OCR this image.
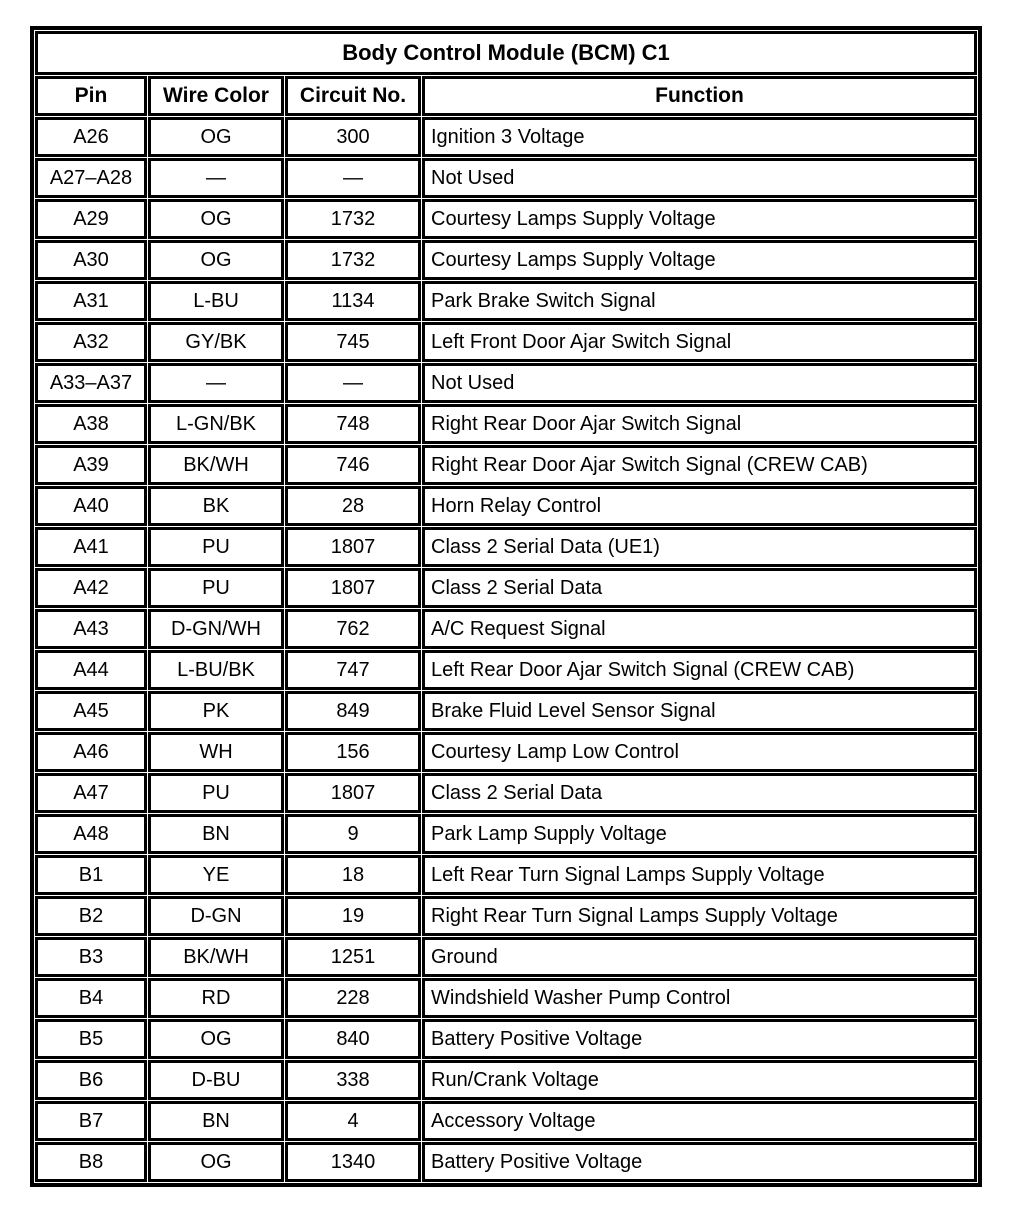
Body Control Module (BCM) C1			
Pin	Wire Color	Circuit No.	Function
A26	OG	300	Ignition 3 Voltage
A27–A28	—	—	Not Used
A29	OG	1732	Courtesy Lamps Supply Voltage
A30	OG	1732	Courtesy Lamps Supply Voltage
A31	L-BU	1134	Park Brake Switch Signal
A32	GY/BK	745	Left Front Door Ajar Switch Signal
A33–A37	—	—	Not Used
A38	L-GN/BK	748	Right Rear Door Ajar Switch Signal
A39	BK/WH	746	Right Rear Door Ajar Switch Signal (CREW CAB)
A40	BK	28	Horn Relay Control
A41	PU	1807	Class 2 Serial Data (UE1)
A42	PU	1807	Class 2 Serial Data
A43	D-GN/WH	762	A/C Request Signal
A44	L-BU/BK	747	Left Rear Door Ajar Switch Signal (CREW CAB)
A45	PK	849	Brake Fluid Level Sensor Signal
A46	WH	156	Courtesy Lamp Low Control
A47	PU	1807	Class 2 Serial Data
A48	BN	9	Park Lamp Supply Voltage
B1	YE	18	Left Rear Turn Signal Lamps Supply Voltage
B2	D-GN	19	Right Rear Turn Signal Lamps Supply Voltage
B3	BK/WH	1251	Ground
B4	RD	228	Windshield Washer Pump Control
B5	OG	840	Battery Positive Voltage
B6	D-BU	338	Run/Crank Voltage
B7	BN	4	Accessory Voltage
B8	OG	1340	Battery Positive Voltage
